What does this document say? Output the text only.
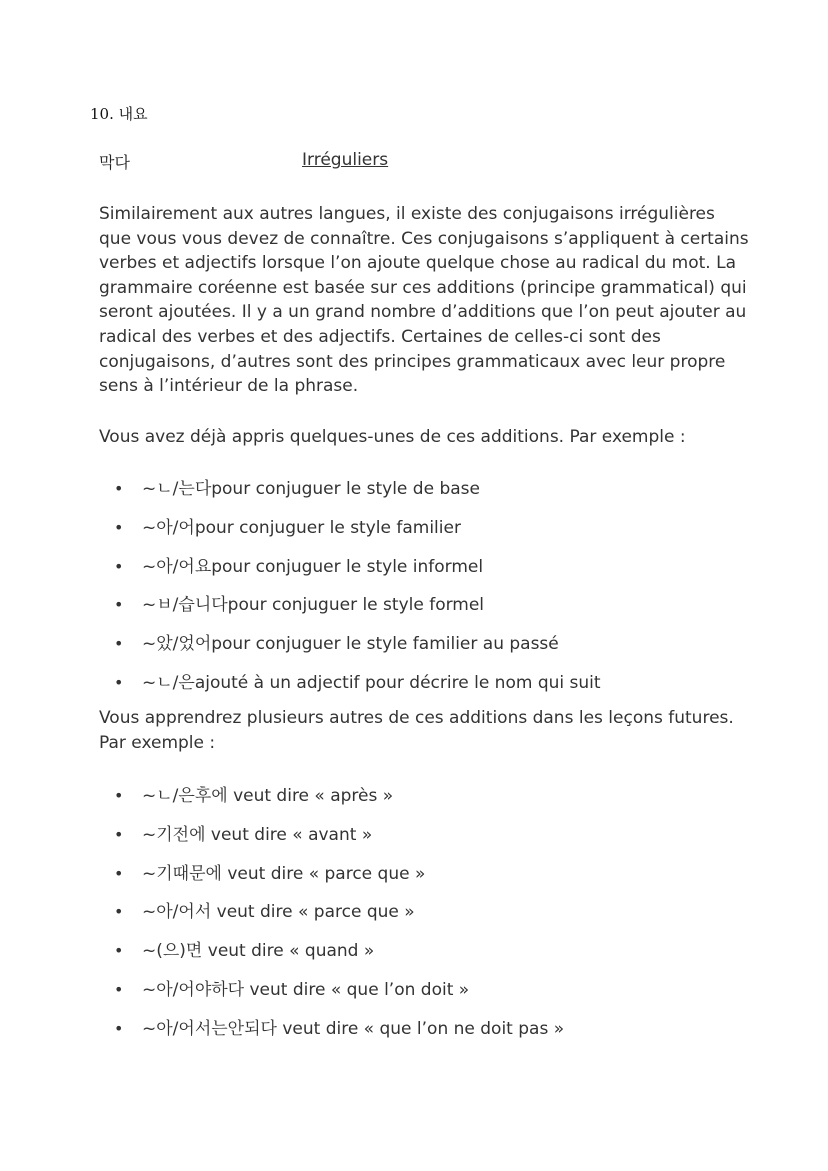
10. 내요
막다	Irréguliers

Similairement aux autres langues, il existe des conjugaisons irrégulières que vous vous devez de connaître. Ces conjugaisons s’appliquent à certains verbes et adjectifs lorsque l’on ajoute quelque chose au radical du mot. La grammaire coréenne est basée sur ces additions (principe grammatical) qui seront ajoutées. Il y a un grand nombre d’additions que l’on peut ajouter au radical des verbes et des adjectifs. Certaines de celles-ci sont des conjugaisons, d’autres sont des principes grammaticaux avec leur propre sens à l’intérieur de la phrase.

Vous avez déjà appris quelques-unes de ces additions. Par exemple :

• ~ㄴ/는다pour conjuguer le style de base
• ~아/어pour conjuguer le style familier
• ~아/어요pour conjuguer le style informel
• ~ㅂ/습니다pour conjuguer le style formel
• ~았/었어pour conjuguer le style familier au passé
• ~ㄴ/은ajouté à un adjectif pour décrire le nom qui suit

Vous apprendrez plusieurs autres de ces additions dans les leçons futures. Par exemple :

• ~ㄴ/은후에 veut dire « après »
• ~기전에 veut dire « avant »
• ~기때문에 veut dire « parce que »
• ~아/어서 veut dire « parce que »
• ~(으)면 veut dire « quand »
• ~아/어야하다 veut dire « que l’on doit »
• ~아/어서는안되다 veut dire « que l’on ne doit pas »
